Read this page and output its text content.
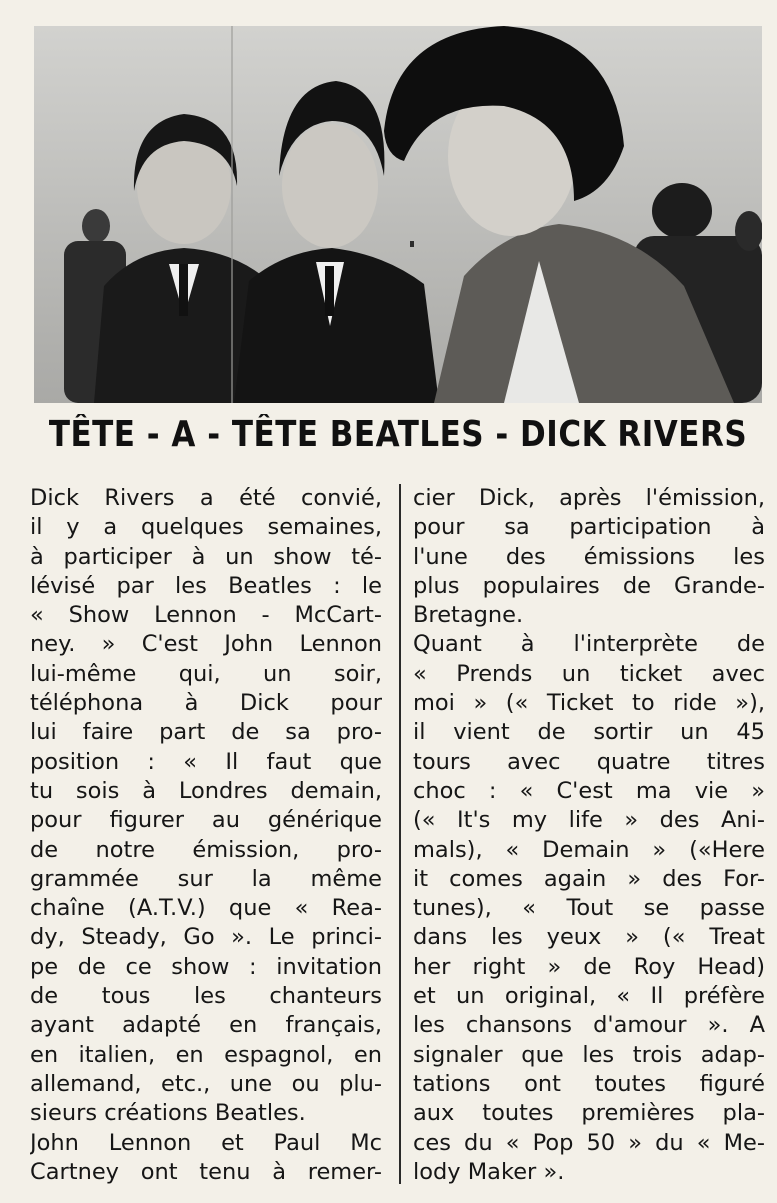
TÊTE - A - TÊTE BEATLES - DICK RIVERS
Dick Rivers a été convié,
il y a quelques semaines,
à participer à un show té-
lévisé par les Beatles : le
« Show Lennon - McCart-
ney. » C'est John Lennon
lui-même qui, un soir,
téléphona à Dick pour
lui faire part de sa pro-
position : « Il faut que
tu sois à Londres demain,
pour figurer au générique
de notre émission, pro-
grammée sur la même
chaîne (A.T.V.) que « Rea-
dy, Steady, Go ». Le princi-
pe de ce show : invitation
de tous les chanteurs
ayant adapté en français,
en italien, en espagnol, en
allemand, etc., une ou plu-
sieurs créations Beatles.
John Lennon et Paul Mc
Cartney ont tenu à remer-
cier Dick, après l'émission,
pour sa participation à
l'une des émissions les
plus populaires de Grande-
Bretagne.
Quant à l'interprète de
« Prends un ticket avec
moi » (« Ticket to ride »),
il vient de sortir un 45
tours avec quatre titres
choc : « C'est ma vie »
(« It's my life » des Ani-
mals), « Demain » («Here
it comes again » des For-
tunes), « Tout se passe
dans les yeux » (« Treat
her right » de Roy Head)
et un original, « Il préfère
les chansons d'amour ». A
signaler que les trois adap-
tations ont toutes figuré
aux toutes premières pla-
ces du « Pop 50 » du « Me-
lody Maker ».
